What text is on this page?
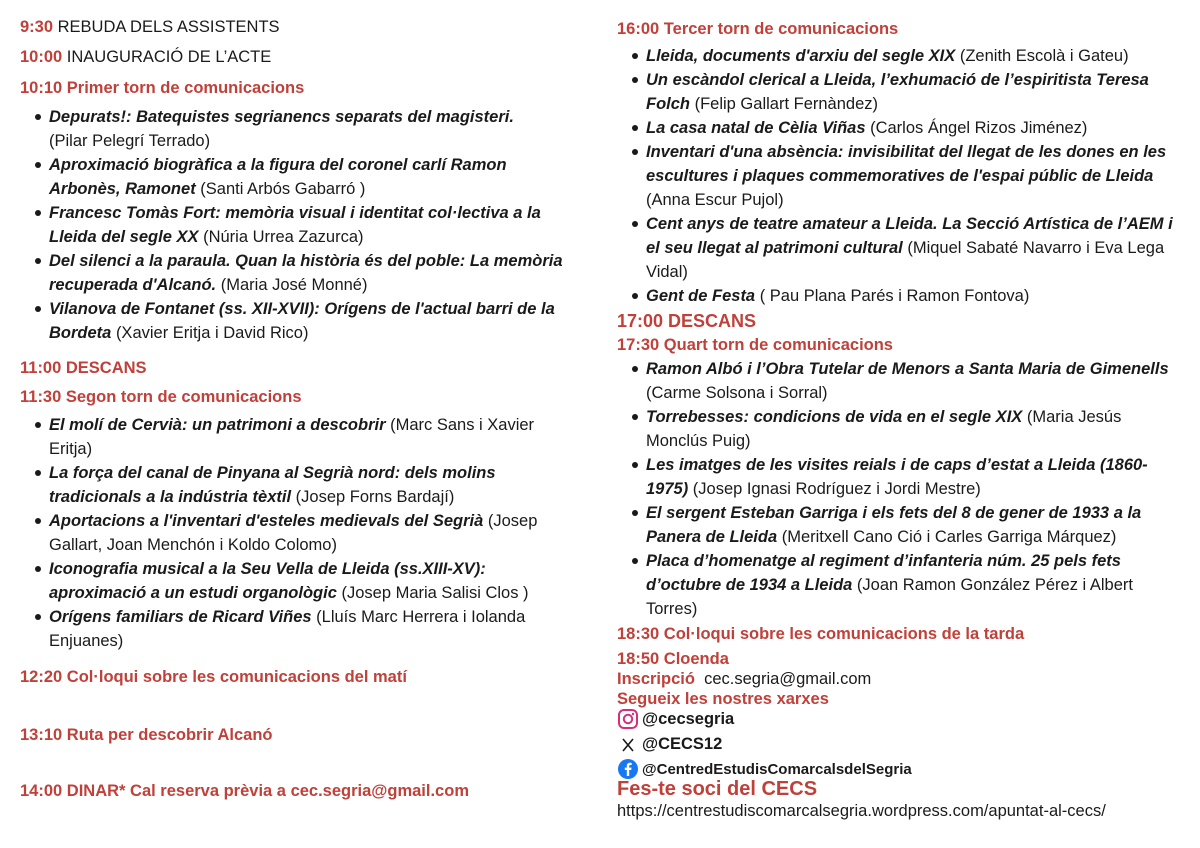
9:30 REBUDA DELS ASSISTENTS
10:00 INAUGURACIÓ DE L’ACTE
10:10 Primer torn de comunicacions
Depurats!: Batequistes segrianencs separats del magisteri.
(Pilar Pelegrí Terrado)
Aproximació biogràfica a la figura del coronel carlí Ramon Arbonès, Ramonet (Santi Arbós Gabarró )
Francesc Tomàs Fort: memòria visual i identitat col·lectiva a la Lleida del segle XX (Núria Urrea Zazurca)
Del silenci a la paraula. Quan la història és del poble: La memòria recuperada d'Alcanó. (Maria José Monné)
Vilanova de Fontanet (ss. XII-XVII): Orígens de l'actual barri de la Bordeta (Xavier Eritja i David Rico)
11:00 DESCANS
11:30 Segon torn de comunicacions
El molí de Cervià: un patrimoni a descobrir (Marc Sans i Xavier Eritja)
La força del canal de Pinyana al Segrià nord: dels molins tradicionals a la indústria tèxtil (Josep Forns Bardají)
Aportacions a l'inventari d'esteles medievals del Segrià (Josep Gallart, Joan Menchón i Koldo Colomo)
Iconografia musical a la Seu Vella de Lleida (ss.XIII-XV): aproximació a un estudi organològic (Josep Maria Salisi Clos )
Orígens familiars de Ricard Viñes (Lluís Marc Herrera i Iolanda Enjuanes)
12:20 Col·loqui sobre les comunicacions del matí
13:10 Ruta per descobrir Alcanó
14:00 DINAR* Cal reserva prèvia a cec.segria@gmail.com
16:00 Tercer torn de comunicacions
Lleida, documents d'arxiu del segle XIX (Zenith Escolà i Gateu)
Un escàndol clerical a Lleida, l’exhumació de l’espiritista Teresa Folch (Felip Gallart Fernàndez)
La casa natal de Cèlia Viñas (Carlos Ángel Rizos Jiménez)
Inventari d'una absència: invisibilitat del llegat de les dones en les escultures i plaques commemoratives de l'espai públic de Lleida (Anna Escur Pujol)
Cent anys de teatre amateur a Lleida. La Secció Artística de l’AEM i el seu llegat al patrimoni cultural (Miquel Sabaté Navarro i Eva Lega Vidal)
Gent de Festa ( Pau Plana Parés i Ramon Fontova)
17:00 DESCANS
17:30 Quart torn de comunicacions
Ramon Albó i l’Obra Tutelar de Menors a Santa Maria de Gimenells (Carme Solsona i Sorral)
Torrebesses: condicions de vida en el segle XIX (Maria Jesús Monclús Puig)
Les imatges de les visites reials i de caps d’estat a Lleida (1860-1975) (Josep Ignasi Rodríguez i Jordi Mestre)
El sergent Esteban Garriga i els fets del 8 de gener de 1933 a la Panera de Lleida (Meritxell Cano Ció i Carles Garriga Márquez)
Placa d’homenatge al regiment d’infanteria núm. 25 pels fets d’octubre de 1934 a Lleida (Joan Ramon González Pérez i Albert Torres)
18:30 Col·loqui sobre les comunicacions de la tarda
18:50 Cloenda
Inscripció cec.segria@gmail.com
Segueix les nostres xarxes
@cecsegria
@CECS12
@CentredEstudisComarcalsdelSegria
Fes-te soci del CECS
https://centrestudiscomarcalsegria.wordpress.com/apuntat-al-cecs/
